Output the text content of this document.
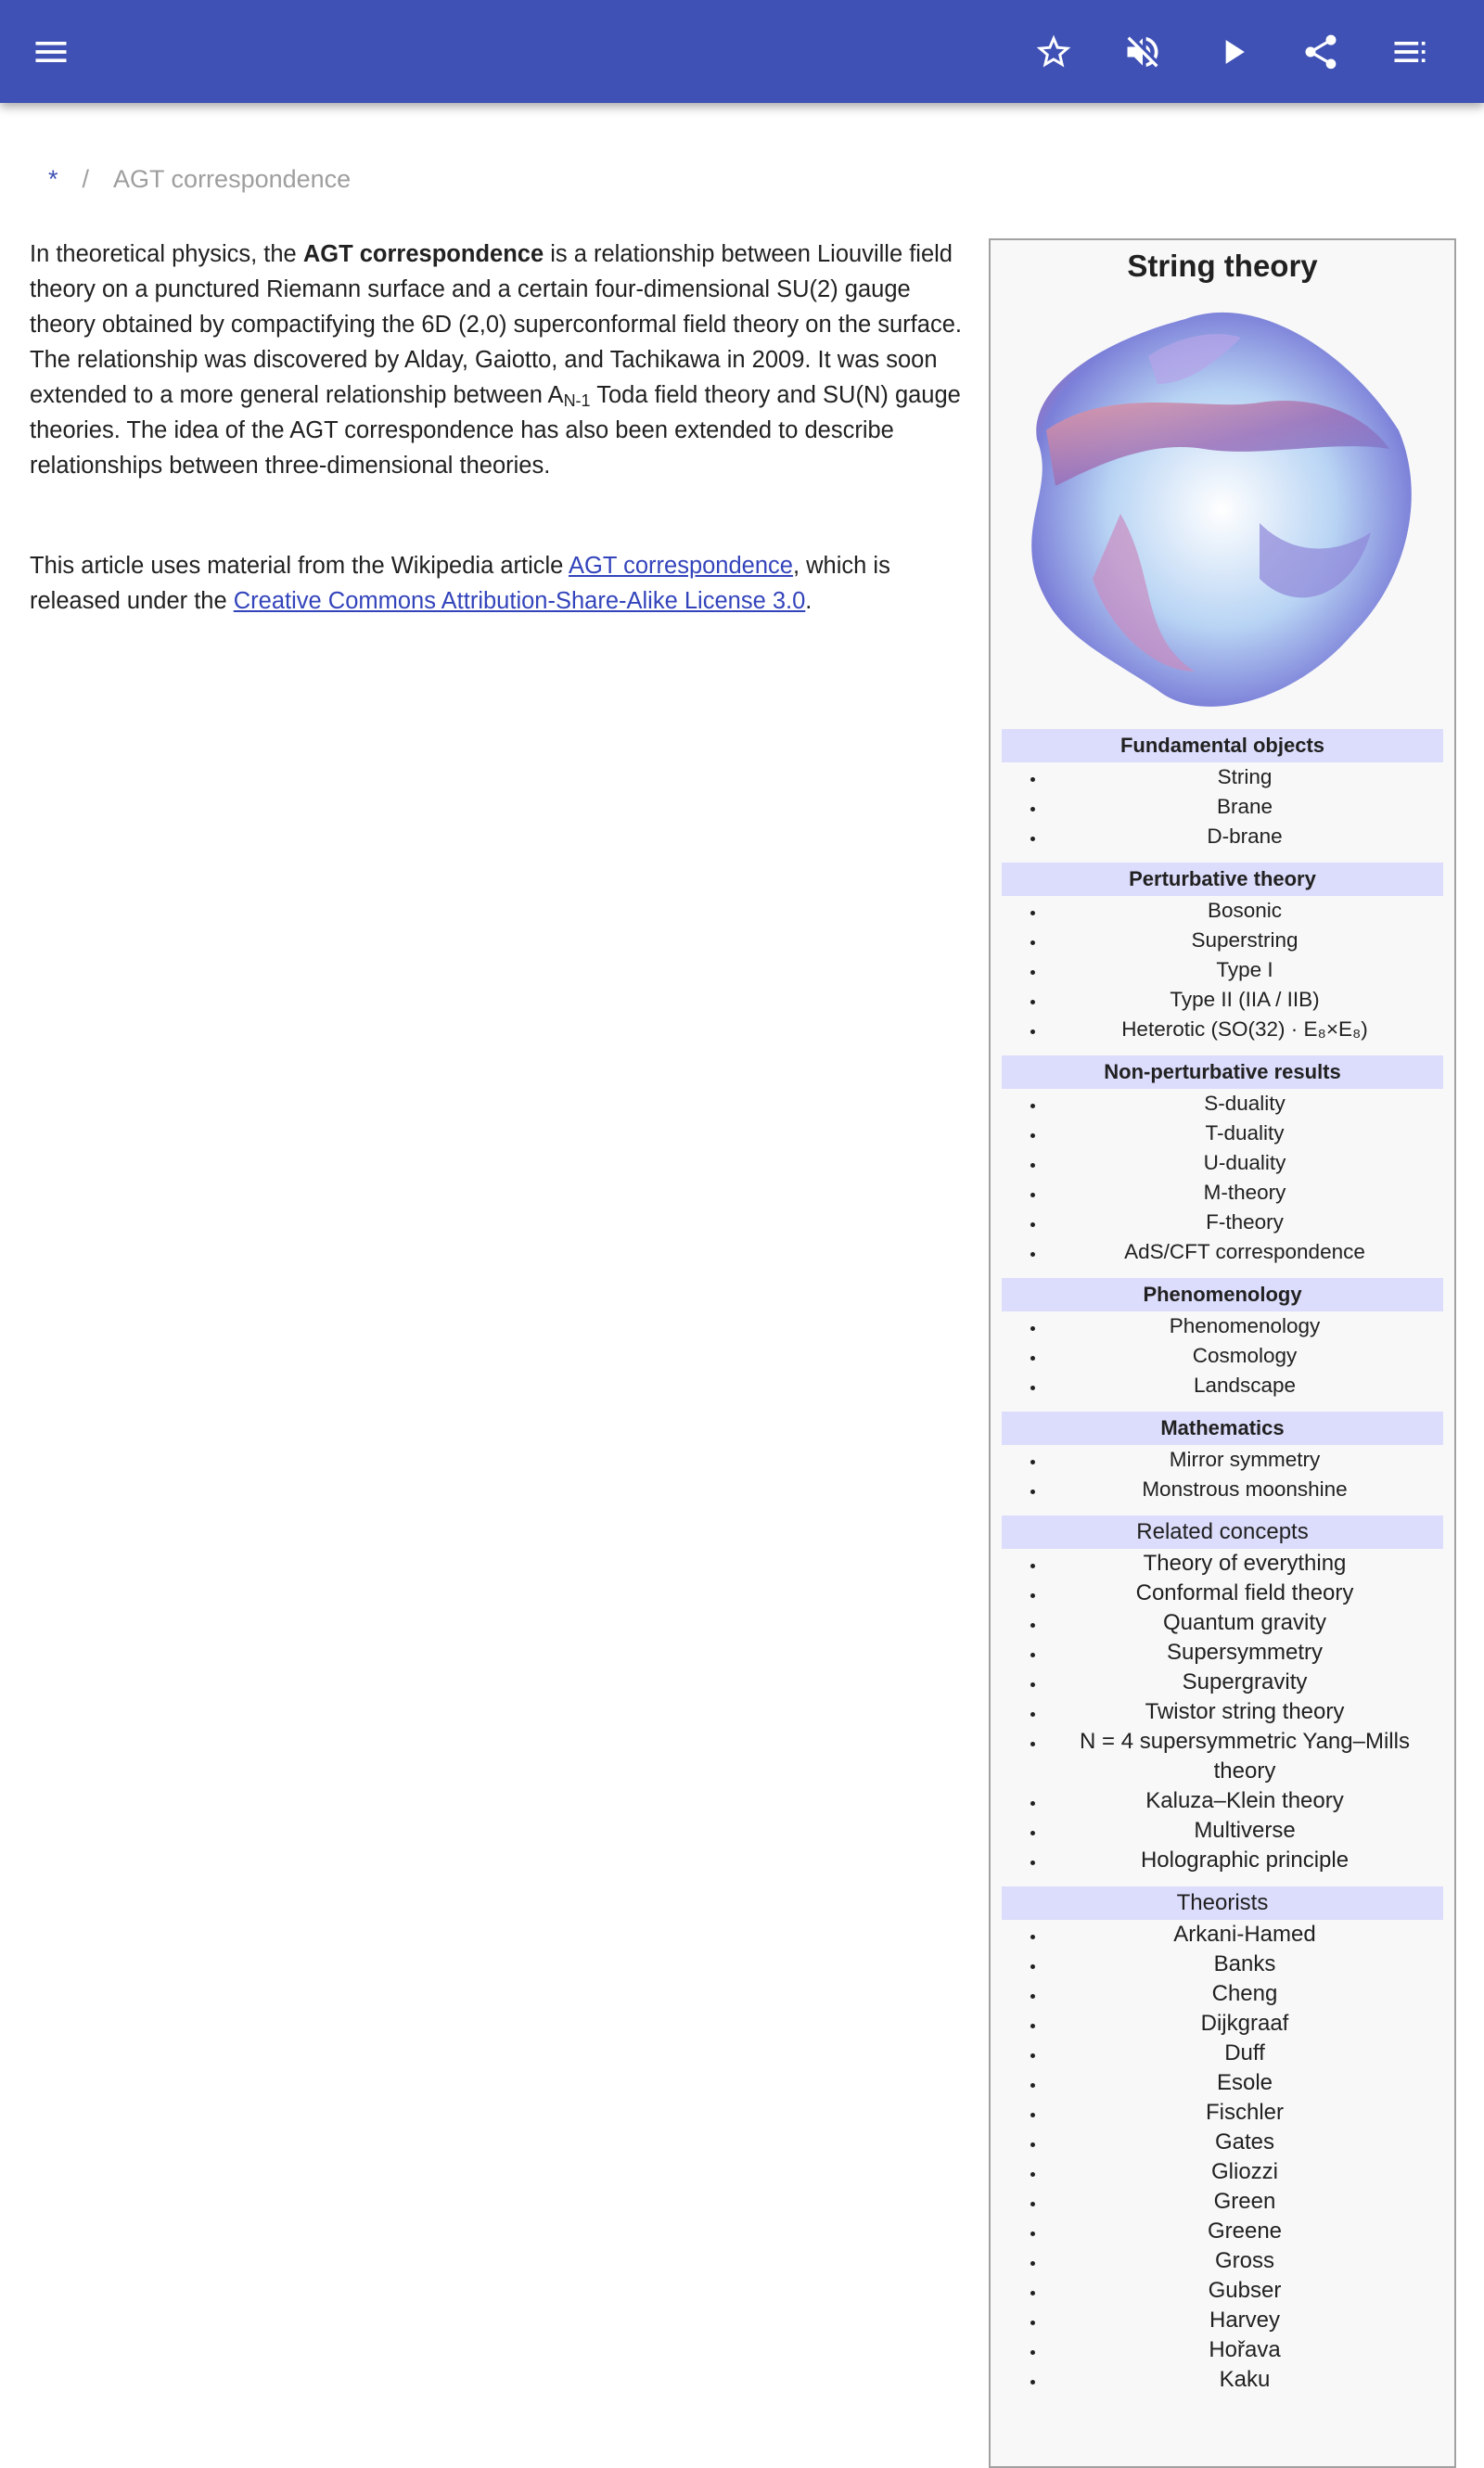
* / AGT correspondence

In theoretical physics, the AGT correspondence is a relationship between Liouville field theory on a punctured Riemann surface and a certain four-dimensional SU(2) gauge theory obtained by compactifying the 6D (2,0) superconformal field theory on the surface. The relationship was discovered by Alday, Gaiotto, and Tachikawa in 2009. It was soon extended to a more general relationship between $A_{N-1}$ Toda field theory and SU(N) gauge theories. The idea of the AGT correspondence has also been extended to describe relationships between three-dimensional theories.

This article uses material from the Wikipedia article AGT correspondence, which is released under the Creative Commons Attribution-Share-Alike License 3.0.

String theory
Fundamental objects
• String
• Brane
• D-brane
Perturbative theory
• Bosonic
• Superstring
• Type I
• Type II (IIA / IIB)
• Heterotic (SO(32) · E₈×E₈)
Non-perturbative results
• S-duality
• T-duality
• U-duality
• M-theory
• F-theory
• AdS/CFT correspondence
Phenomenology
• Phenomenology
• Cosmology
• Landscape
Mathematics
• Mirror symmetry
• Monstrous moonshine
Related concepts
• Theory of everything
• Conformal field theory
• Quantum gravity
• Supersymmetry
• Supergravity
• Twistor string theory
• N = 4 supersymmetric Yang–Mills theory
• Kaluza–Klein theory
• Multiverse
• Holographic principle
Theorists
• Arkani-Hamed
• Banks
• Cheng
• Dijkgraaf
• Duff
• Esole
• Fischler
• Gates
• Gliozzi
• Green
• Greene
• Gross
• Gubser
• Harvey
• Hořava
• Kaku
